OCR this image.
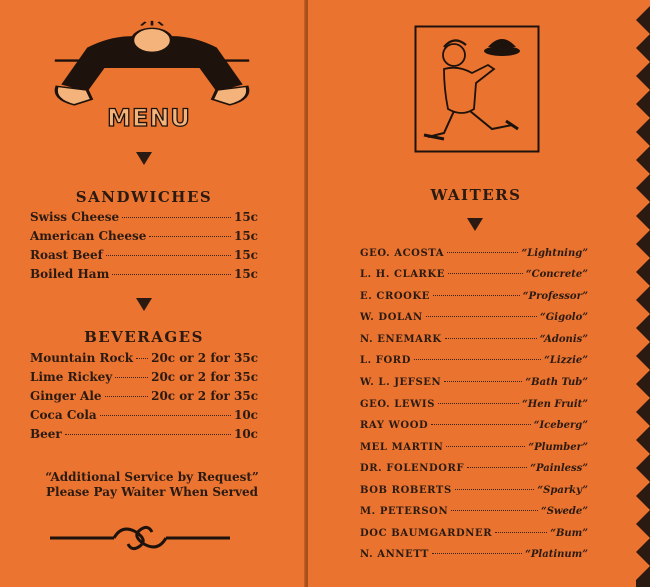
MENU
SANDWICHES
Swiss Cheese	15c
American Cheese	15c
Roast Beef	15c
Boiled Ham	15c
BEVERAGES
Mountain Rock 20c or 2 for 35c
Lime Rickey	20c or 2 for 35c
Ginger Ale	20c or 2 for 35c
Coca Cola	10c
Beer	10c
“Additional Service by Request”
Please Pay Waiter When Served
WAITERS
GEO. ACOSTA	“Lightning”
L. H. CLARKE	“Concrete”
E. CROOKE	“Professor”
W. DOLAN	“Gigolo”
N. ENEMARK	“Adonis”
L. FORD	“Lizzie”
W. L. JEFSEN	“Bath Tub”
GEO. LEWIS	“Hen Fruit”
RAY WOOD	“Iceberg”
MEL MARTIN	“Plumber”
DR. FOLENDORF	“Painless”
BOB ROBERTS	“Sparky”
M. PETERSON	“Swede”
DOC BAUMGARDNER	“Bum”
N. ANNETT	“Platinum”
